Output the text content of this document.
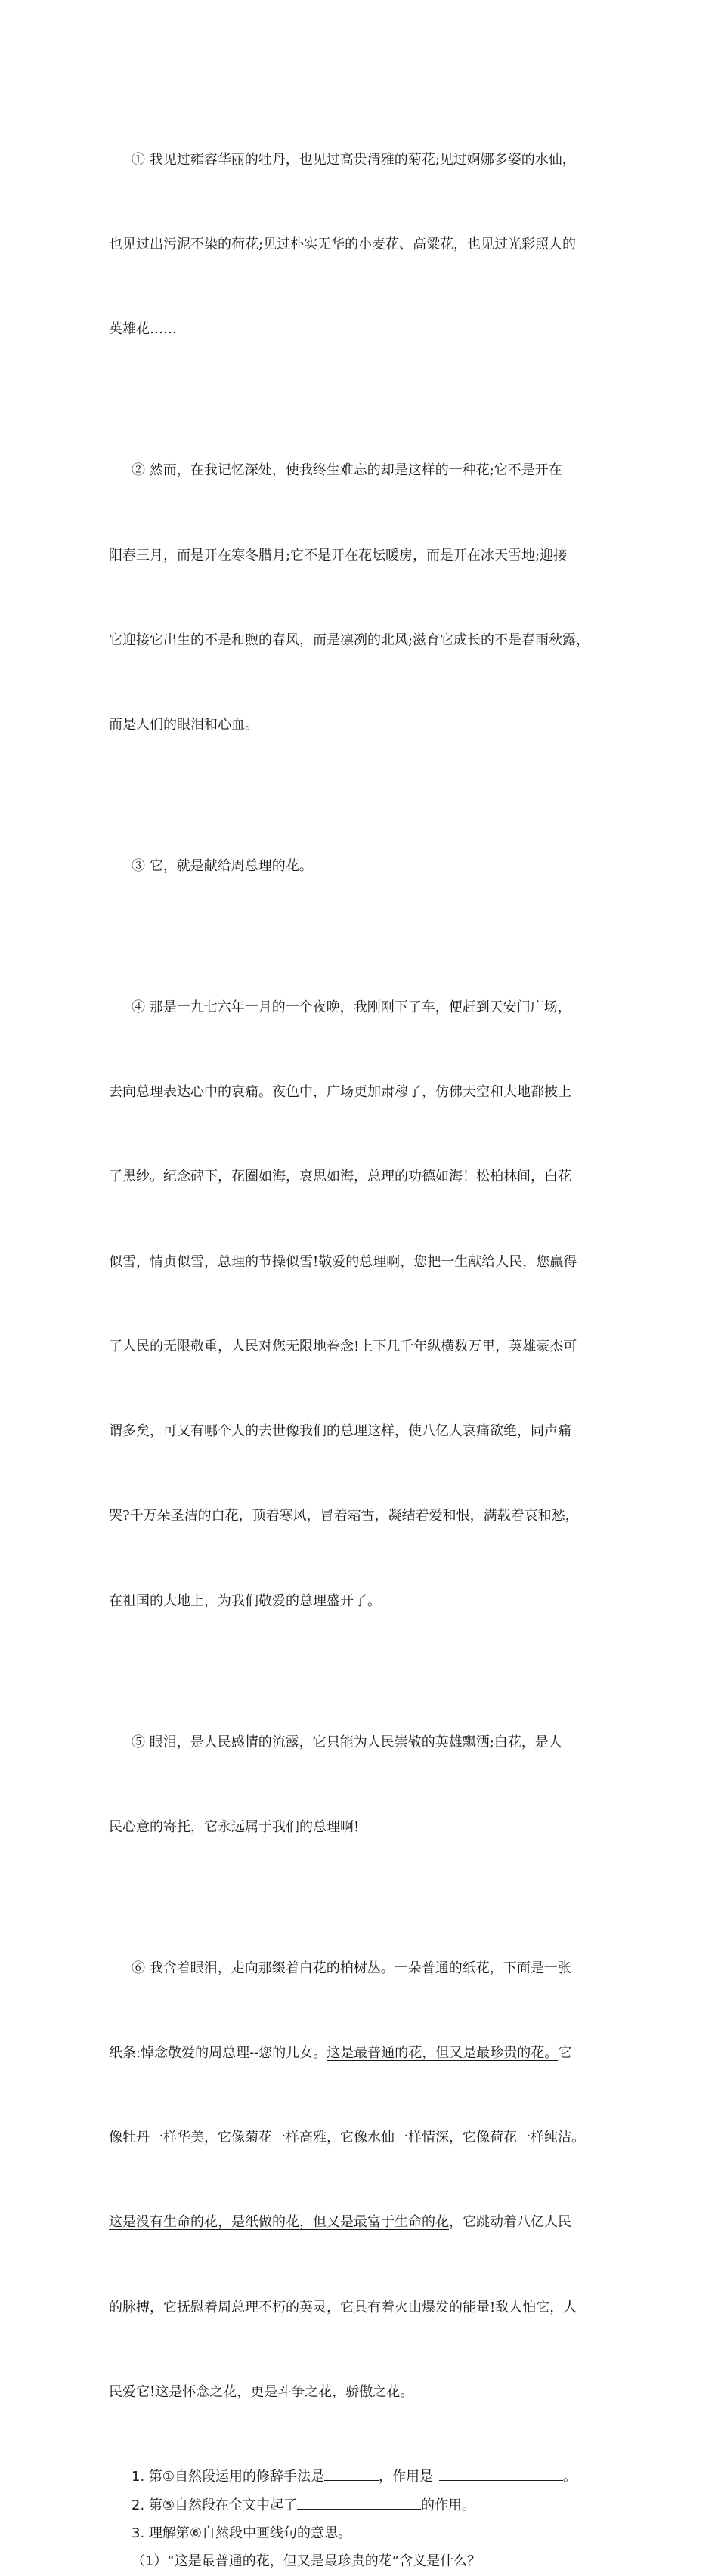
① 我见过雍容华丽的牡丹，也见过高贵清雅的菊花;见过婀娜多姿的水仙，

也见过出污泥不染的荷花;见过朴实无华的小麦花、高粱花，也见过光彩照人的

英雄花……

② 然而，在我记忆深处，使我终生难忘的却是这样的一种花;它不是开在

阳春三月，而是开在寒冬腊月;它不是开在花坛暖房，而是开在冰天雪地;迎接

它迎接它出生的不是和煦的春风，而是凛冽的北风;滋育它成长的不是春雨秋露，

而是人们的眼泪和心血。

③ 它，就是献给周总理的花。

④ 那是一九七六年一月的一个夜晚，我刚刚下了车，便赶到天安门广场，

去向总理表达心中的哀痛。夜色中，广场更加肃穆了，仿佛天空和大地都披上

了黑纱。纪念碑下，花圈如海，哀思如海，总理的功德如海！松柏林间，白花

似雪，情贞似雪，总理的节操似雪!敬爱的总理啊，您把一生献给人民，您赢得

了人民的无限敬重，人民对您无限地眷念!上下几千年纵横数万里，英雄豪杰可

谓多矣，可又有哪个人的去世像我们的总理这样，使八亿人哀痛欲绝，同声痛

哭?千万朵圣洁的白花，顶着寒风，冒着霜雪，凝结着爱和恨，满载着哀和愁，

在祖国的大地上，为我们敬爱的总理盛开了。

⑤ 眼泪，是人民感情的流露，它只能为人民崇敬的英雄飘洒;白花，是人

民心意的寄托，它永远属于我们的总理啊!

⑥ 我含着眼泪，走向那缀着白花的柏树丛。一朵普通的纸花，下面是一张

纸条:悼念敬爱的周总理--您的儿女。这是最普通的花，但又是最珍贵的花。它

像牡丹一样华美，它像菊花一样高雅，它像水仙一样情深，它像荷花一样纯洁。

这是没有生命的花，是纸做的花，但又是最富于生命的花，它跳动着八亿人民

的脉搏，它抚慰着周总理不朽的英灵，它具有着火山爆发的能量!敌人怕它，人

民爱它!这是怀念之花，更是斗争之花，骄傲之花。

1. 第①自然段运用的修辞手法是	，作用是	。
2. 第⑤自然段在全文中起了	的作用。
3. 理解第⑥自然段中画线句的意思。
（1）“这是最普通的花，但又是最珍贵的花”含义是什么？
